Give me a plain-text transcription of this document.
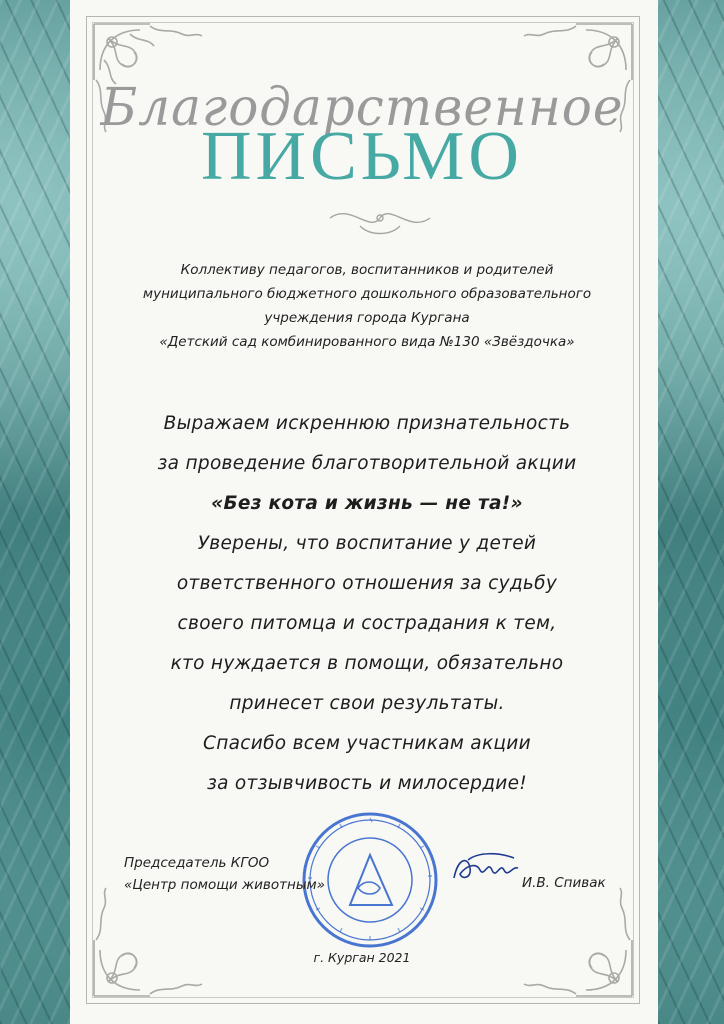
Благодарственное
ПИСЬМО
Коллективу педагогов, воспитанников и родителей
муниципального бюджетного дошкольного образовательного
учреждения города Кургана
«Детский сад комбинированного вида №130 «Звёздочка»
Выражаем искреннюю признательность
за проведение благотворительной акции
«Без кота и жизнь — не та!»
Уверены, что воспитание у детей
ответственного отношения за судьбу
своего питомца и сострадания к тем,
кто нуждается в помощи, обязательно
принесет свои результаты.
Спасибо всем участникам акции
за отзывчивость и милосердие!
Председатель КГОО
«Центр помощи животным»	И.В. Спивак
г. Курган 2021
